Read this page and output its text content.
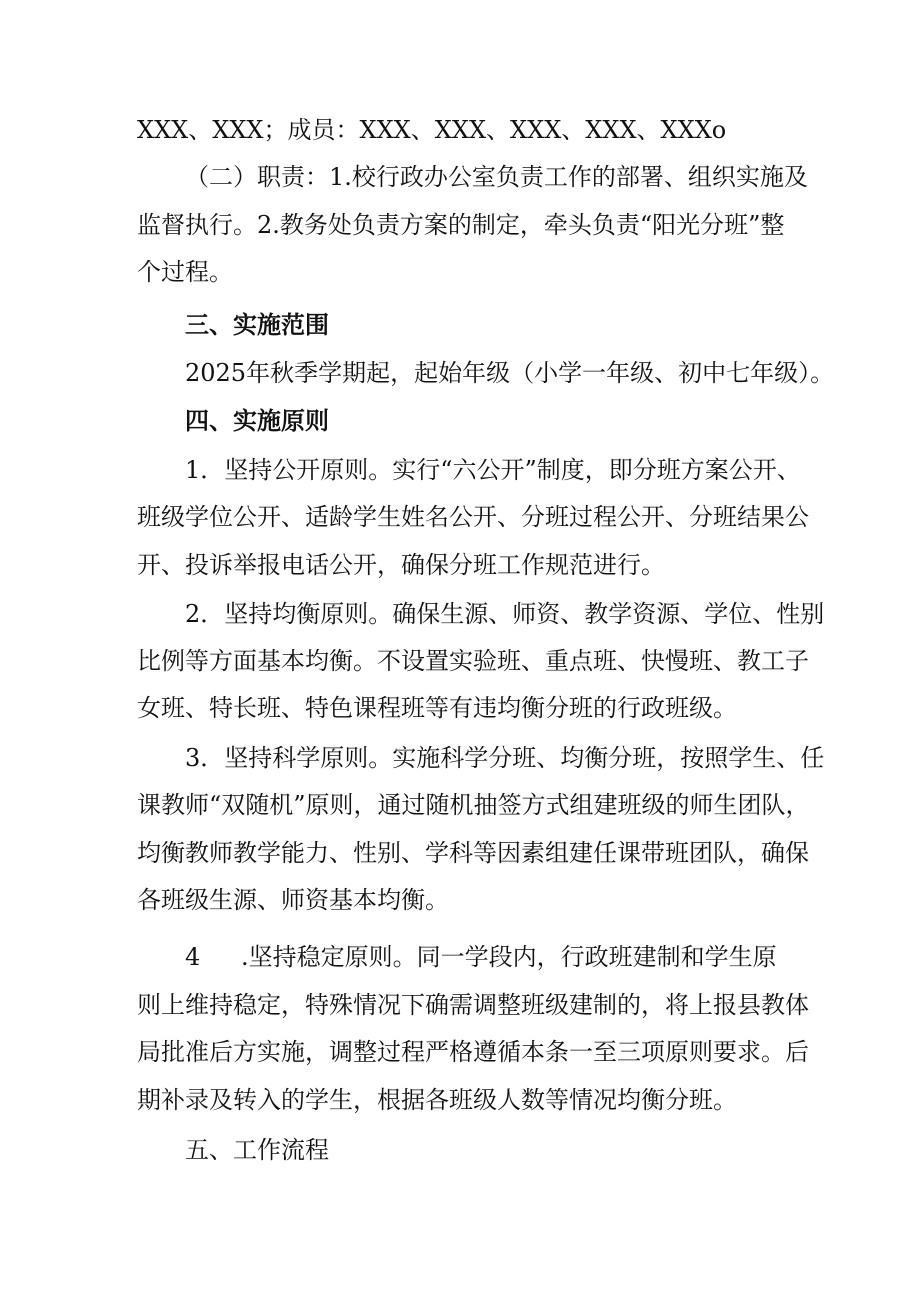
XXX、XXX；成员：XXX、XXX、XXX、XXX、XXXo
（二）职责：1.校行政办公室负责工作的部署、组织实施及
监督执行。2.教务处负责方案的制定，牵头负责“阳光分班”整
个过程。
三、实施范围
2025年秋季学期起，起始年级（小学一年级、初中七年级）。
四、实施原则
1．坚持公开原则。实行“六公开”制度，即分班方案公开、
班级学位公开、适龄学生姓名公开、分班过程公开、分班结果公
开、投诉举报电话公开，确保分班工作规范进行。
2．坚持均衡原则。确保生源、师资、教学资源、学位、性别
比例等方面基本均衡。不设置实验班、重点班、快慢班、教工子
女班、特长班、特色课程班等有违均衡分班的行政班级。
3．坚持科学原则。实施科学分班、均衡分班，按照学生、任
课教师“双随机”原则，通过随机抽签方式组建班级的师生团队，
均衡教师教学能力、性别、学科等因素组建任课带班团队，确保
各班级生源、师资基本均衡。
4 .坚持稳定原则。同一学段内，行政班建制和学生原
则上维持稳定，特殊情况下确需调整班级建制的，将上报县教体
局批准后方实施，调整过程严格遵循本条一至三项原则要求。后
期补录及转入的学生，根据各班级人数等情况均衡分班。
五、工作流程
